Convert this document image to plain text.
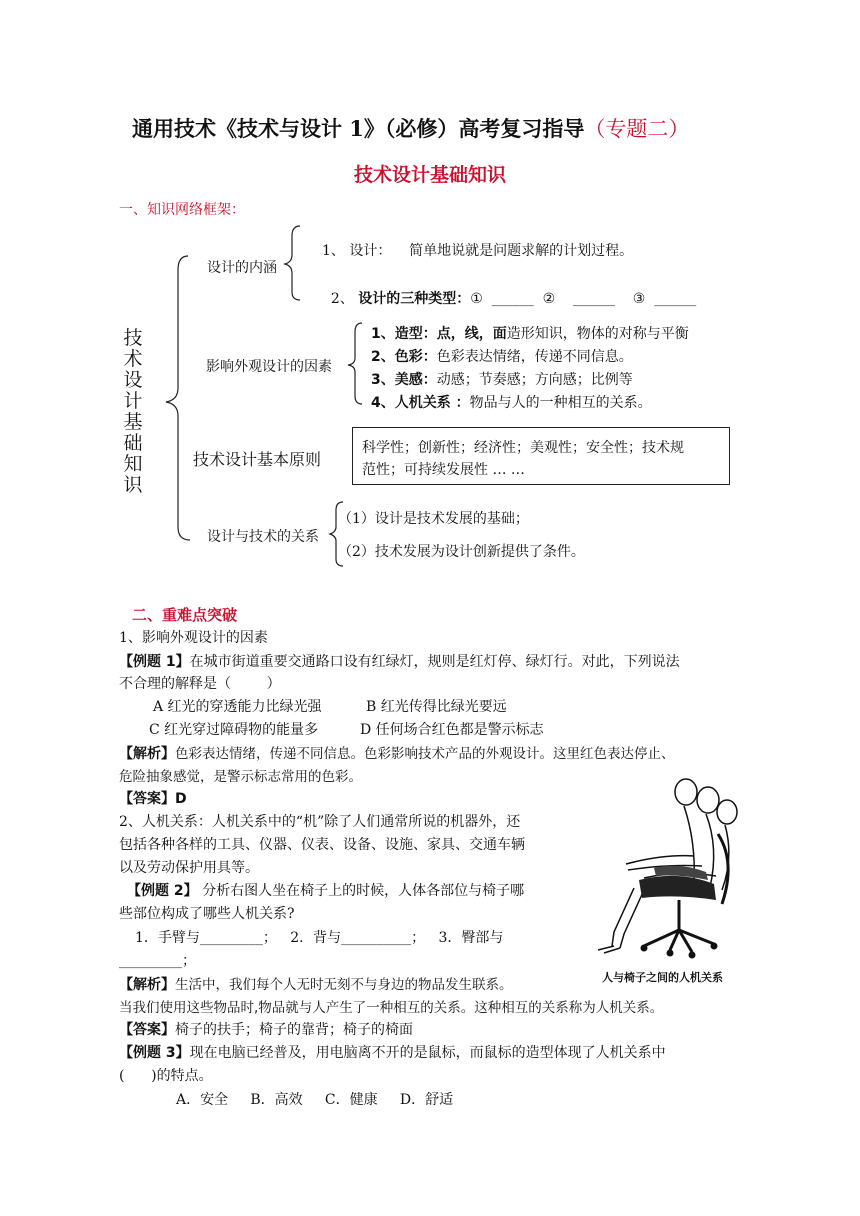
通用技术《技术与设计 1》（必修）高考复习指导（专题二）
技术设计基础知识
一、知识网络框架：
技
术
设
计
基
础
知
识
设计的内涵
1、 设计：    简单地说就是问题求解的计划过程。

2、 设计的三种类型：①  ______  ②    ______    ③  ______

影响外观设计的因素
1、造型：点，线，面造形知识，物体的对称与平衡
2、色彩：色彩表达情绪，传递不同信息。
3、美感：动感；节奏感；方向感；比例等
4、人机关系 ：物品与人的一种相互的关系。
技术设计基本原则
科学性；创新性；经济性；美观性；安全性；技术规
范性；可持续发展性 … …
设计与技术的关系
（1）设计是技术发展的基础；
（2）技术发展为设计创新提供了条件。
二、重难点突破
1、影响外观设计的因素
【例题 1】在城市街道重要交通路口设有红绿灯，规则是红灯停、绿灯行。对此，下列说法
不合理的解释是（        ）
A 红光的穿透能力比绿光强	B 红光传得比绿光要远
C 红光穿过障碍物的能量多	D 任何场合红色都是警示标志
【解析】色彩表达情绪，传递不同信息。色彩影响技术产品的外观设计。这里红色表达停止、
危险抽象感觉，是警示标志常用的色彩。
【答案】D
2、人机关系：人机关系中的“机”除了人们通常所说的机器外，还
包括各种各样的工具、仪器、仪表、设备、设施、家具、交通车辆
以及劳动保护用具等。
【例题 2】 分析右图人坐在椅子上的时候，人体各部位与椅子哪
些部位构成了哪些人机关系?
1．手臂与_________；   2．背与__________；   3．臀部与
_________；
【解析】生活中，我们每个人无时无刻不与身边的物品发生联系。
当我们使用这些物品时,物品就与人产生了一种相互的关系。这种相互的关系称为人机关系。
【答案】椅子的扶手；椅子的靠背；椅子的椅面
【例题 3】现在电脑已经普及，用电脑离不开的是鼠标，而鼠标的造型体现了人机关系中
(      )的特点。
A．安全     B．高效     C．健康     D．舒适
人与椅子之间的人机关系
